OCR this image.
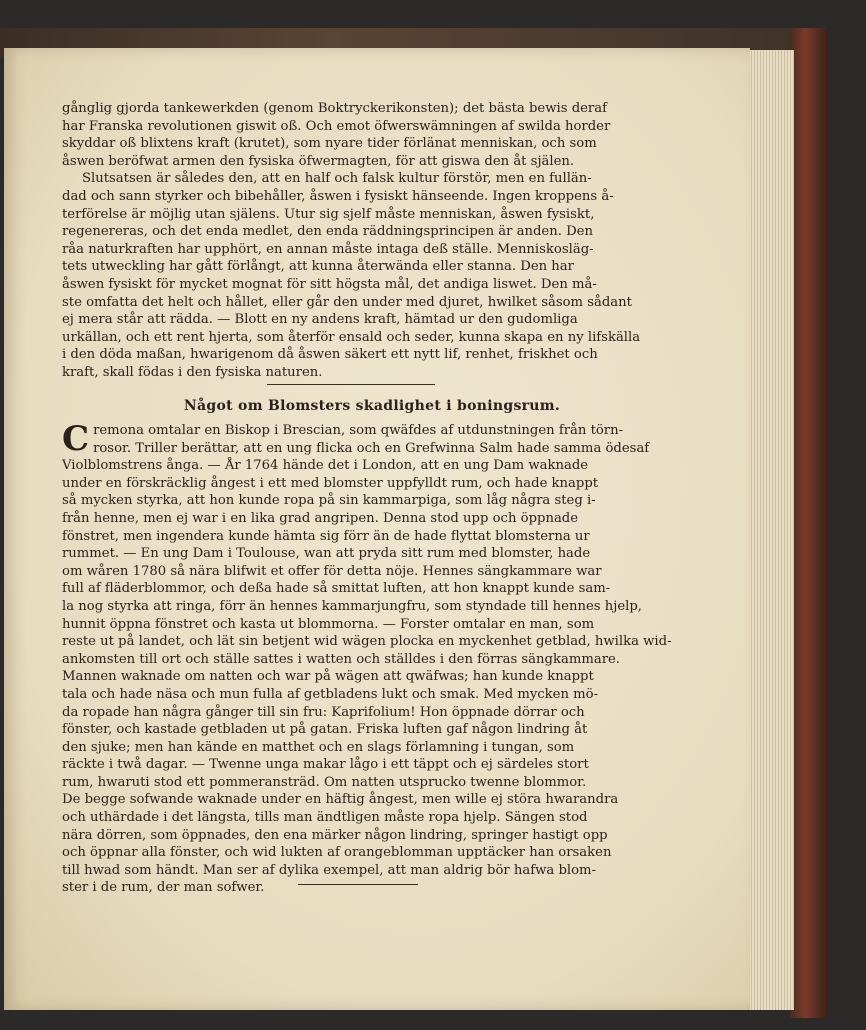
gånglig gjorda tankewerkden (genom Boktryckerikonsten); det bästa bewis deraf
har Franska revolutionen giswit oß. Och emot öfwerswämningen af swilda horder
skyddar oß blixtens kraft (krutet), som nyare tider förlänat menniskan, och som
åswen beröfwat armen den fysiska öfwermagten, för att giswa den åt själen.
Slutsatsen är således den, att en half och falsk kultur förstör, men en fullän-
dad och sann styrker och bibehåller, åswen i fysiskt hänseende. Ingen kroppens å-
terförelse är möjlig utan själens. Utur sig sjelf måste menniskan, åswen fysiskt,
regenereras, och det enda medlet, den enda räddningsprincipen är anden. Den
råa naturkraften har upphört, en annan måste intaga deß ställe. Menniskosläg-
tets utweckling har gått förlångt, att kunna återwända eller stanna. Den har
åswen fysiskt för mycket mognat för sitt högsta mål, det andiga liswet. Den må-
ste omfatta det helt och hållet, eller går den under med djuret, hwilket såsom sådant
ej mera står att rädda. — Blott en ny andens kraft, hämtad ur den gudomliga
urkällan, och ett rent hjerta, som återför ensald och seder, kunna skapa en ny lifskälla
i den döda maßan, hwarigenom då åswen säkert ett nytt lif, renhet, friskhet och
kraft, skall födas i den fysiska naturen.
Något om Blomsters skadlighet i boningsrum.
C remona omtalar en Biskop i Brescian, som qwäfdes af utdunstningen från törn-
rosor. Triller berättar, att en ung flicka och en Grefwinna Salm hade samma ödesaf
Violblomstrens ånga. — År 1764 hände det i London, att en ung Dam waknade
under en förskräcklig ångest i ett med blomster uppfylldt rum, och hade knappt
så mycken styrka, att hon kunde ropa på sin kammarpiga, som låg några steg i-
från henne, men ej war i en lika grad angripen. Denna stod upp och öppnade
fönstret, men ingendera kunde hämta sig förr än de hade flyttat blomsterna ur
rummet. — En ung Dam i Toulouse, wan att pryda sitt rum med blomster, hade
om wåren 1780 så nära blifwit et offer för detta nöje. Hennes sängkammare war
full af fläderblommor, och deßa hade så smittat luften, att hon knappt kunde sam-
la nog styrka att ringa, förr än hennes kammarjungfru, som styndade till hennes hjelp,
hunnit öppna fönstret och kasta ut blommorna. — Forster omtalar en man, som
reste ut på landet, och lät sin betjent wid wägen plocka en myckenhet getblad, hwilka wid-
ankomsten till ort och ställe sattes i watten och ställdes i den förras sängkammare.
Mannen waknade om natten och war på wägen att qwäfwas; han kunde knappt
tala och hade näsa och mun fulla af getbladens lukt och smak. Med mycken mö-
da ropade han några gånger till sin fru: Kaprifolium! Hon öppnade dörrar och
fönster, och kastade getbladen ut på gatan. Friska luften gaf någon lindring åt
den sjuke; men han kände en matthet och en slags förlamning i tungan, som
räckte i twå dagar. — Twenne unga makar lågo i ett täppt och ej särdeles stort
rum, hwaruti stod ett pommeransträd. Om natten utsprucko twenne blommor.
De begge sofwande waknade under en häftig ångest, men wille ej störa hwarandra
och uthärdade i det längsta, tills man ändtligen måste ropa hjelp. Sängen stod
nära dörren, som öppnades, den ena märker någon lindring, springer hastigt opp
och öppnar alla fönster, och wid lukten af orangeblomman upptäcker han orsaken
till hwad som händt. Man ser af dylika exempel, att man aldrig bör hafwa blom-
ster i de rum, der man sofwer.
